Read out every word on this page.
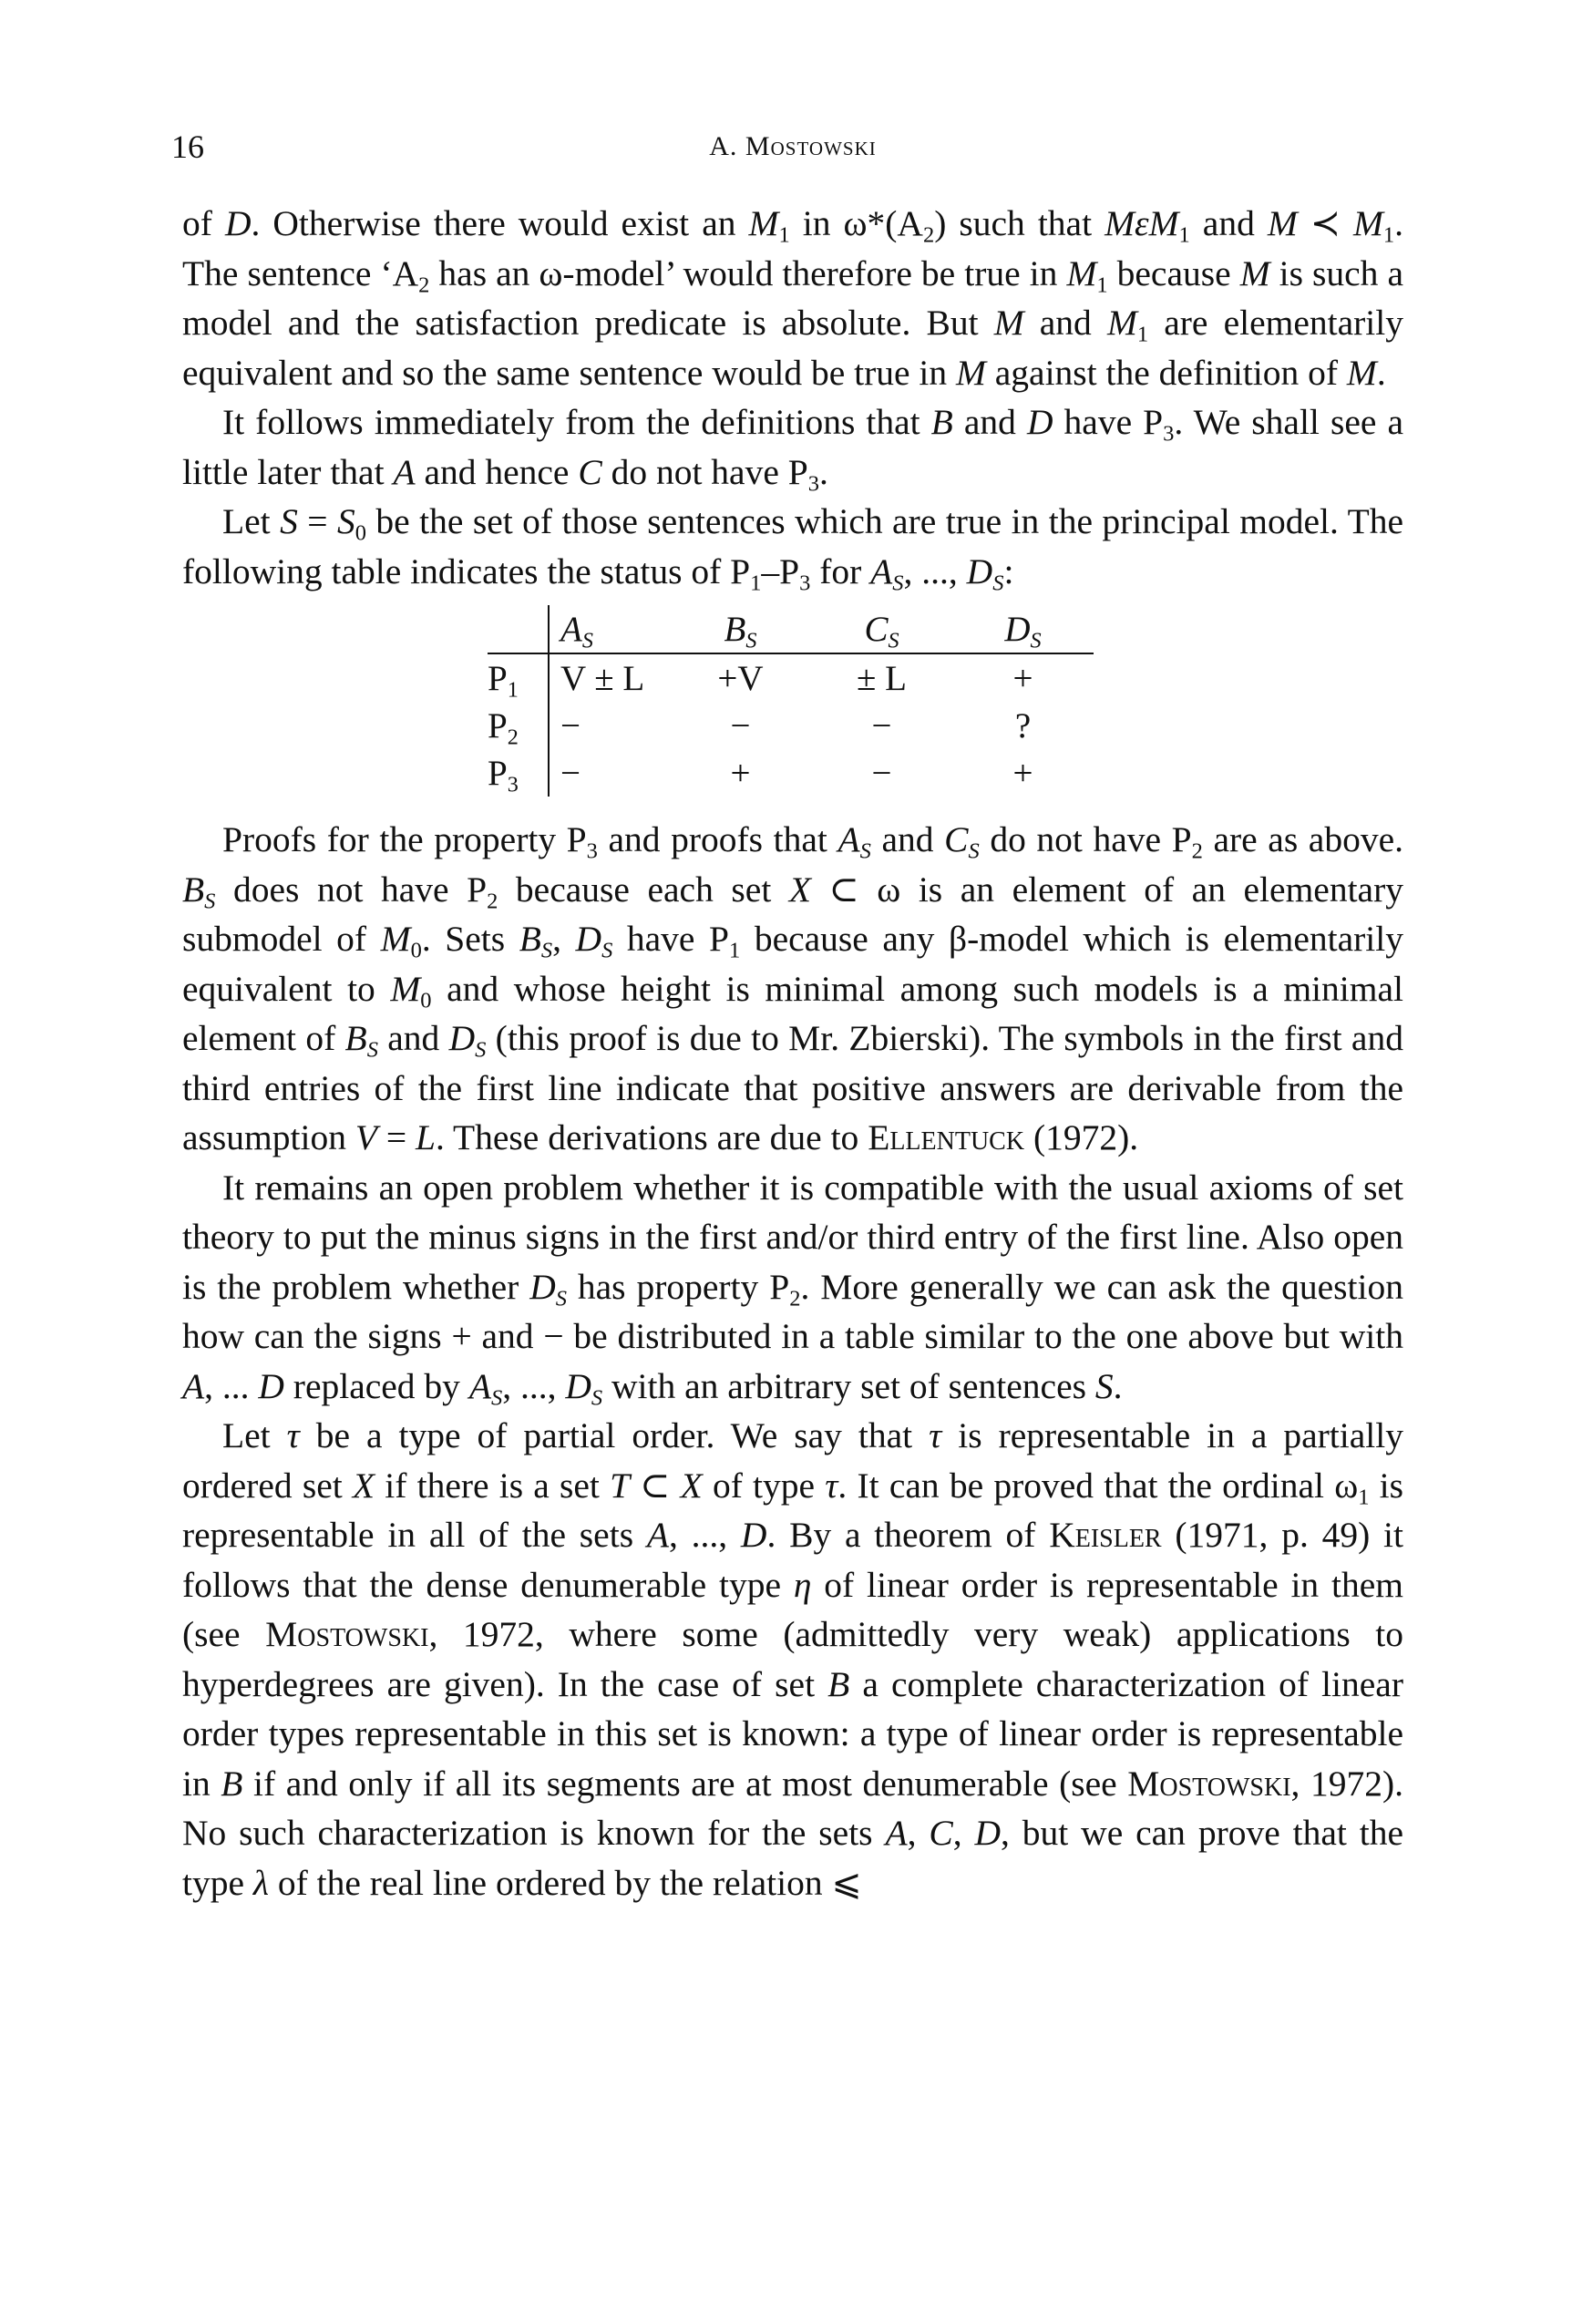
16	A. Mostowski

of D. Otherwise there would exist an $M_1$ in $\omega*(A_2)$ such that MεM$_1$ and M ≺ $M_1$. The sentence ‘$A_2$ has an ω-model’ would therefore be true in $M_1$ because M is such a model and the satisfaction predicate is absolute. But M and $M_1$ are elementarily equivalent and so the same sentence would be true in M against the definition of M.

It follows immediately from the definitions that B and D have $P_3$. We shall see a little later that A and hence C do not have $P_3$.

Let $S = S_0$ be the set of those sentences which are true in the principal model. The following table indicates the status of $P_1-P_3$ for $A_S$, ..., $D_S$:

	$A_S$	$B_S$	$C_S$	$D_S$
$P_1$	V ± L	+V	± L	+
$P_2$	−	−	−	?
$P_3$	−	+	−	+

Proofs for the property $P_3$ and proofs that $A_S$ and $C_S$ do not have $P_2$ are as above. $B_S$ does not have $P_2$ because each set X ⊂ ω is an element of an elementary submodel of $M_0$. Sets $B_S$, $D_S$ have $P_1$ because any β-model which is elementarily equivalent to $M_0$ and whose height is minimal among such models is a minimal element of $B_S$ and $D_S$ (this proof is due to Mr. Zbierski). The symbols in the first and third entries of the first line indicate that positive answers are derivable from the assumption V = L. These derivations are due to Ellentuck (1972).

It remains an open problem whether it is compatible with the usual axioms of set theory to put the minus signs in the first and/or third entry of the first line. Also open is the problem whether $D_S$ has property $P_2$. More generally we can ask the question how can the signs + and − be distributed in a table similar to the one above but with A, ... D replaced by $A_S$, ..., $D_S$ with an arbitrary set of sentences S.

Let τ be a type of partial order. We say that τ is representable in a partially ordered set X if there is a set T ⊂ X of type τ. It can be proved that the ordinal $\omega_1$ is representable in all of the sets A, ..., D. By a theorem of Keisler (1971, p. 49) it follows that the dense denumerable type η of linear order is representable in them (see Mostowski, 1972, where some (admittedly very weak) applications to hyperdegrees are given). In the case of set B a complete characterization of linear order types representable in this set is known: a type of linear order is representable in B if and only if all its segments are at most denumerable (see Mostowski, 1972). No such characterization is known for the sets A, C, D, but we can prove that the type λ of the real line ordered by the relation ⩽
